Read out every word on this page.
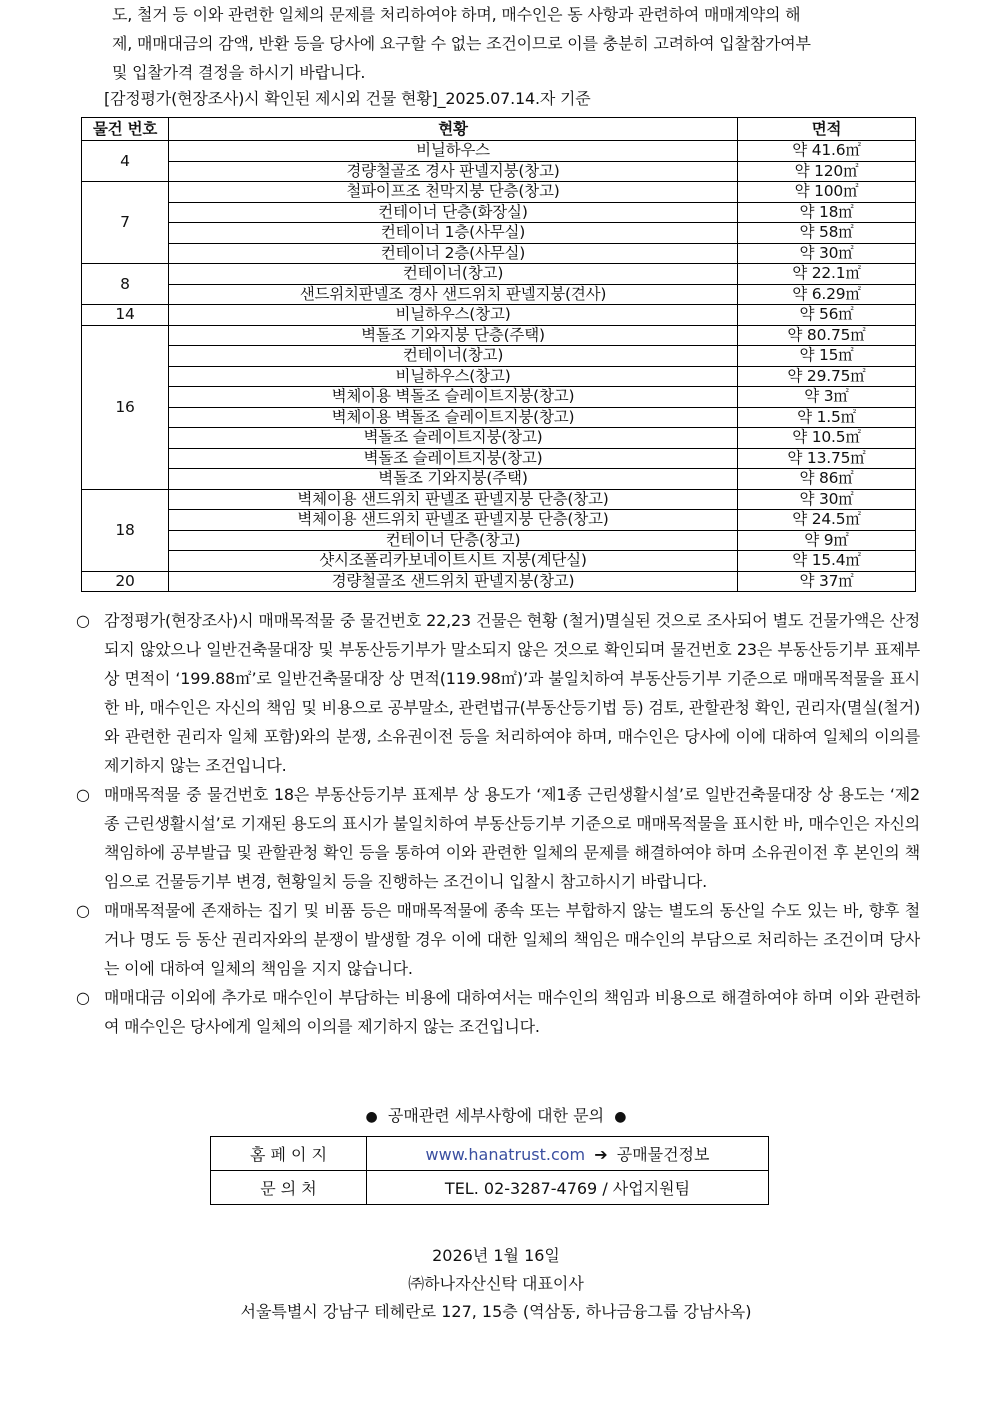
도, 철거 등 이와 관련한 일체의 문제를 처리하여야 하며, 매수인은 동 사항과 관련하여 매매계약의 해

제, 매매대금의 감액, 반환 등을 당사에 요구할 수 없는 조건이므로 이를 충분히 고려하여 입찰참가여부

및 입찰가격 결정을 하시기 바랍니다.

[감정평가(현장조사)시 확인된 제시외 건물 현황]_2025.07.14.자 기준
물건 번호	현황	면적
4	비닐하우스	약 41.6㎡
	경량철골조 경사 판넬지붕(창고)	약 120㎡
7	철파이프조 천막지붕 단층(창고)	약 100㎡
	컨테이너 단층(화장실)	약 18㎡
	컨테이너 1층(사무실)	약 58㎡
	컨테이너 2층(사무실)	약 30㎡
8	컨테이너(창고)	약 22.1㎡
	샌드위치판넬조 경사 샌드위치 판넬지붕(견사)	약 6.29㎡
14	비닐하우스(창고)	약 56㎡
16	벽돌조 기와지붕 단층(주택)	약 80.75㎡
	컨테이너(창고)	약 15㎡
	비닐하우스(창고)	약 29.75㎡
	벽체이용 벽돌조 슬레이트지붕(창고)	약 3㎡
	벽체이용 벽돌조 슬레이트지붕(창고)	약 1.5㎡
	벽돌조 슬레이트지붕(창고)	약 10.5㎡
	벽돌조 슬레이트지붕(창고)	약 13.75㎡
	벽돌조 기와지붕(주택)	약 86㎡
18	벽체이용 샌드위치 판넬조 판넬지붕 단층(창고)	약 30㎡
	벽체이용 샌드위치 판넬조 판넬지붕 단층(창고)	약 24.5㎡
	컨테이너 단층(창고)	약 9㎡
	샷시조폴리카보네이트시트 지붕(계단실)	약 15.4㎡
20	경량철골조 샌드위치 판넬지붕(창고)	약 37㎡
○ 감정평가(현장조사)시 매매목적물 중 물건번호 22,23 건물은 현황 (철거)멸실된 것으로 조사되어 별도 건물가액은 산정되지 않았으나 일반건축물대장 및 부동산등기부가 말소되지 않은 것으로 확인되며 물건번호 23은 부동산등기부 표제부 상 면적이 ‘199.88㎡’로 일반건축물대장 상 면적(119.98㎡)’과 불일치하여 부동산등기부 기준으로 매매목적물을 표시한 바, 매수인은 자신의 책임 및 비용으로 공부말소, 관련법규(부동산등기법 등) 검토, 관할관청 확인, 권리자(멸실(철거)와 관련한 권리자 일체 포함)와의 분쟁, 소유권이전 등을 처리하여야 하며, 매수인은 당사에 이에 대하여 일체의 이의를 제기하지 않는 조건입니다.
○ 매매목적물 중 물건번호 18은 부동산등기부 표제부 상 용도가 ‘제1종 근린생활시설’로 일반건축물대장 상 용도는 ‘제2종 근린생활시설’로 기재된 용도의 표시가 불일치하여 부동산등기부 기준으로 매매목적물을 표시한 바, 매수인은 자신의 책임하에 공부발급 및 관할관청 확인 등을 통하여 이와 관련한 일체의 문제를 해결하여야 하며 소유권이전 후 본인의 책임으로 건물등기부 변경, 현황일치 등을 진행하는 조건이니 입찰시 참고하시기 바랍니다.
○ 매매목적물에 존재하는 집기 및 비품 등은 매매목적물에 종속 또는 부합하지 않는 별도의 동산일 수도 있는 바, 향후 철거나 명도 등 동산 권리자와의 분쟁이 발생할 경우 이에 대한 일체의 책임은 매수인의 부담으로 처리하는 조건이며 당사는 이에 대하여 일체의 책임을 지지 않습니다.
○ 매매대금 이외에 추가로 매수인이 부담하는 비용에 대하여서는 매수인의 책임과 비용으로 해결하여야 하며 이와 관련하여 매수인은 당사에게 일체의 이의를 제기하지 않는 조건입니다.
● 공매관련 세부사항에 대한 문의 ●
홈 페 이 지	www.hanatrust.com ➔ 공매물건정보
문 의 처	TEL. 02-3287-4769 / 사업지원팀
2026년 1월 16일
㈜하나자산신탁 대표이사
서울특별시 강남구 테헤란로 127, 15층 (역삼동, 하나금융그룹 강남사옥)
